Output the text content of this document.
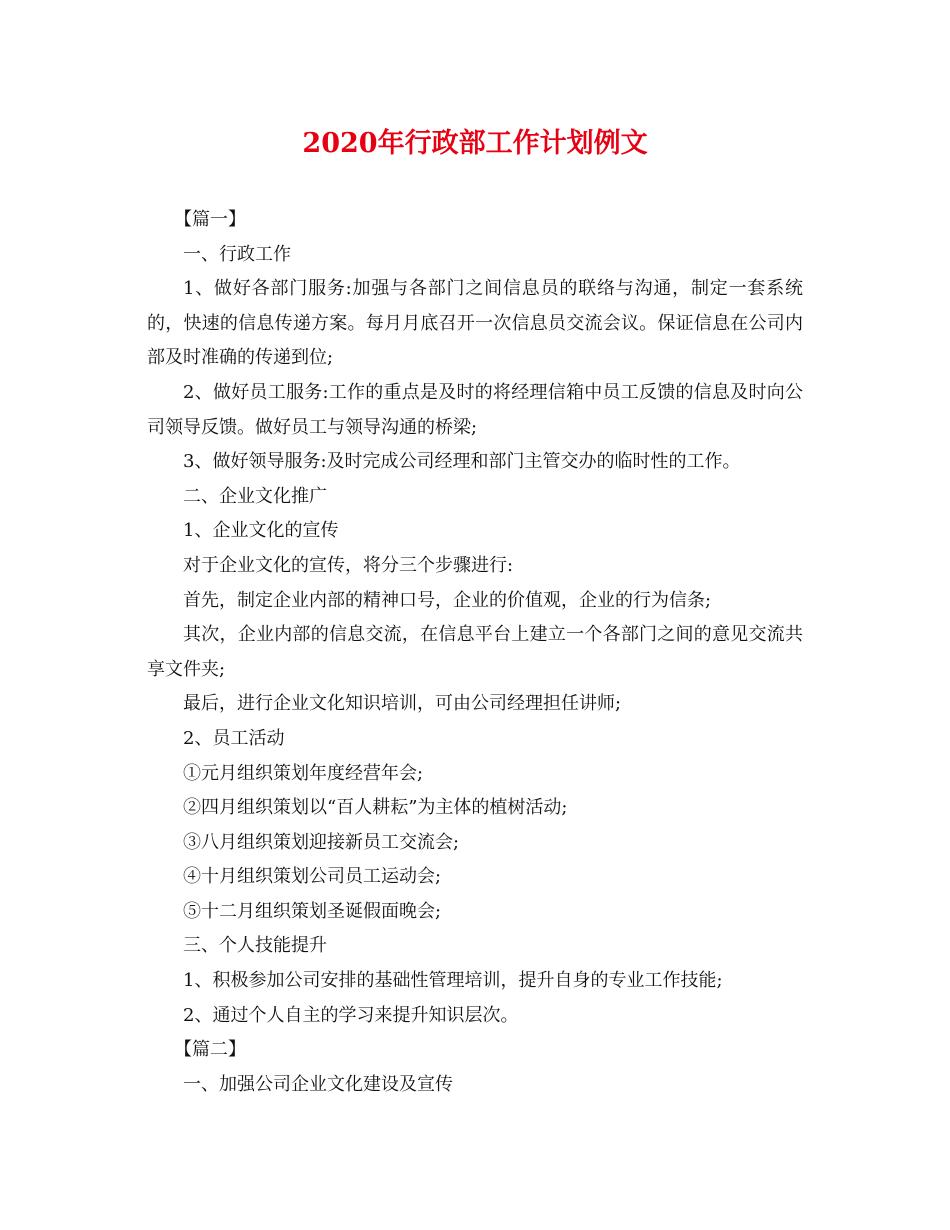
2020年行政部工作计划例文

【篇一】

一、行政工作

1、做好各部门服务:加强与各部门之间信息员的联络与沟通，制定一套系统的，快速的信息传递方案。每月月底召开一次信息员交流会议。保证信息在公司内部及时准确的传递到位;

2、做好员工服务:工作的重点是及时的将经理信箱中员工反馈的信息及时向公司领导反馈。做好员工与领导沟通的桥梁;

3、做好领导服务:及时完成公司经理和部门主管交办的临时性的工作。

二、企业文化推广

1、企业文化的宣传

对于企业文化的宣传，将分三个步骤进行:

首先，制定企业内部的精神口号，企业的价值观，企业的行为信条;

其次，企业内部的信息交流，在信息平台上建立一个各部门之间的意见交流共享文件夹;

最后，进行企业文化知识培训，可由公司经理担任讲师;

2、员工活动

①元月组织策划年度经营年会;

②四月组织策划以“百人耕耘”为主体的植树活动;

③八月组织策划迎接新员工交流会;

④十月组织策划公司员工运动会;

⑤十二月组织策划圣诞假面晚会;

三、个人技能提升

1、积极参加公司安排的基础性管理培训，提升自身的专业工作技能;

2、通过个人自主的学习来提升知识层次。

【篇二】

一、加强公司企业文化建设及宣传
